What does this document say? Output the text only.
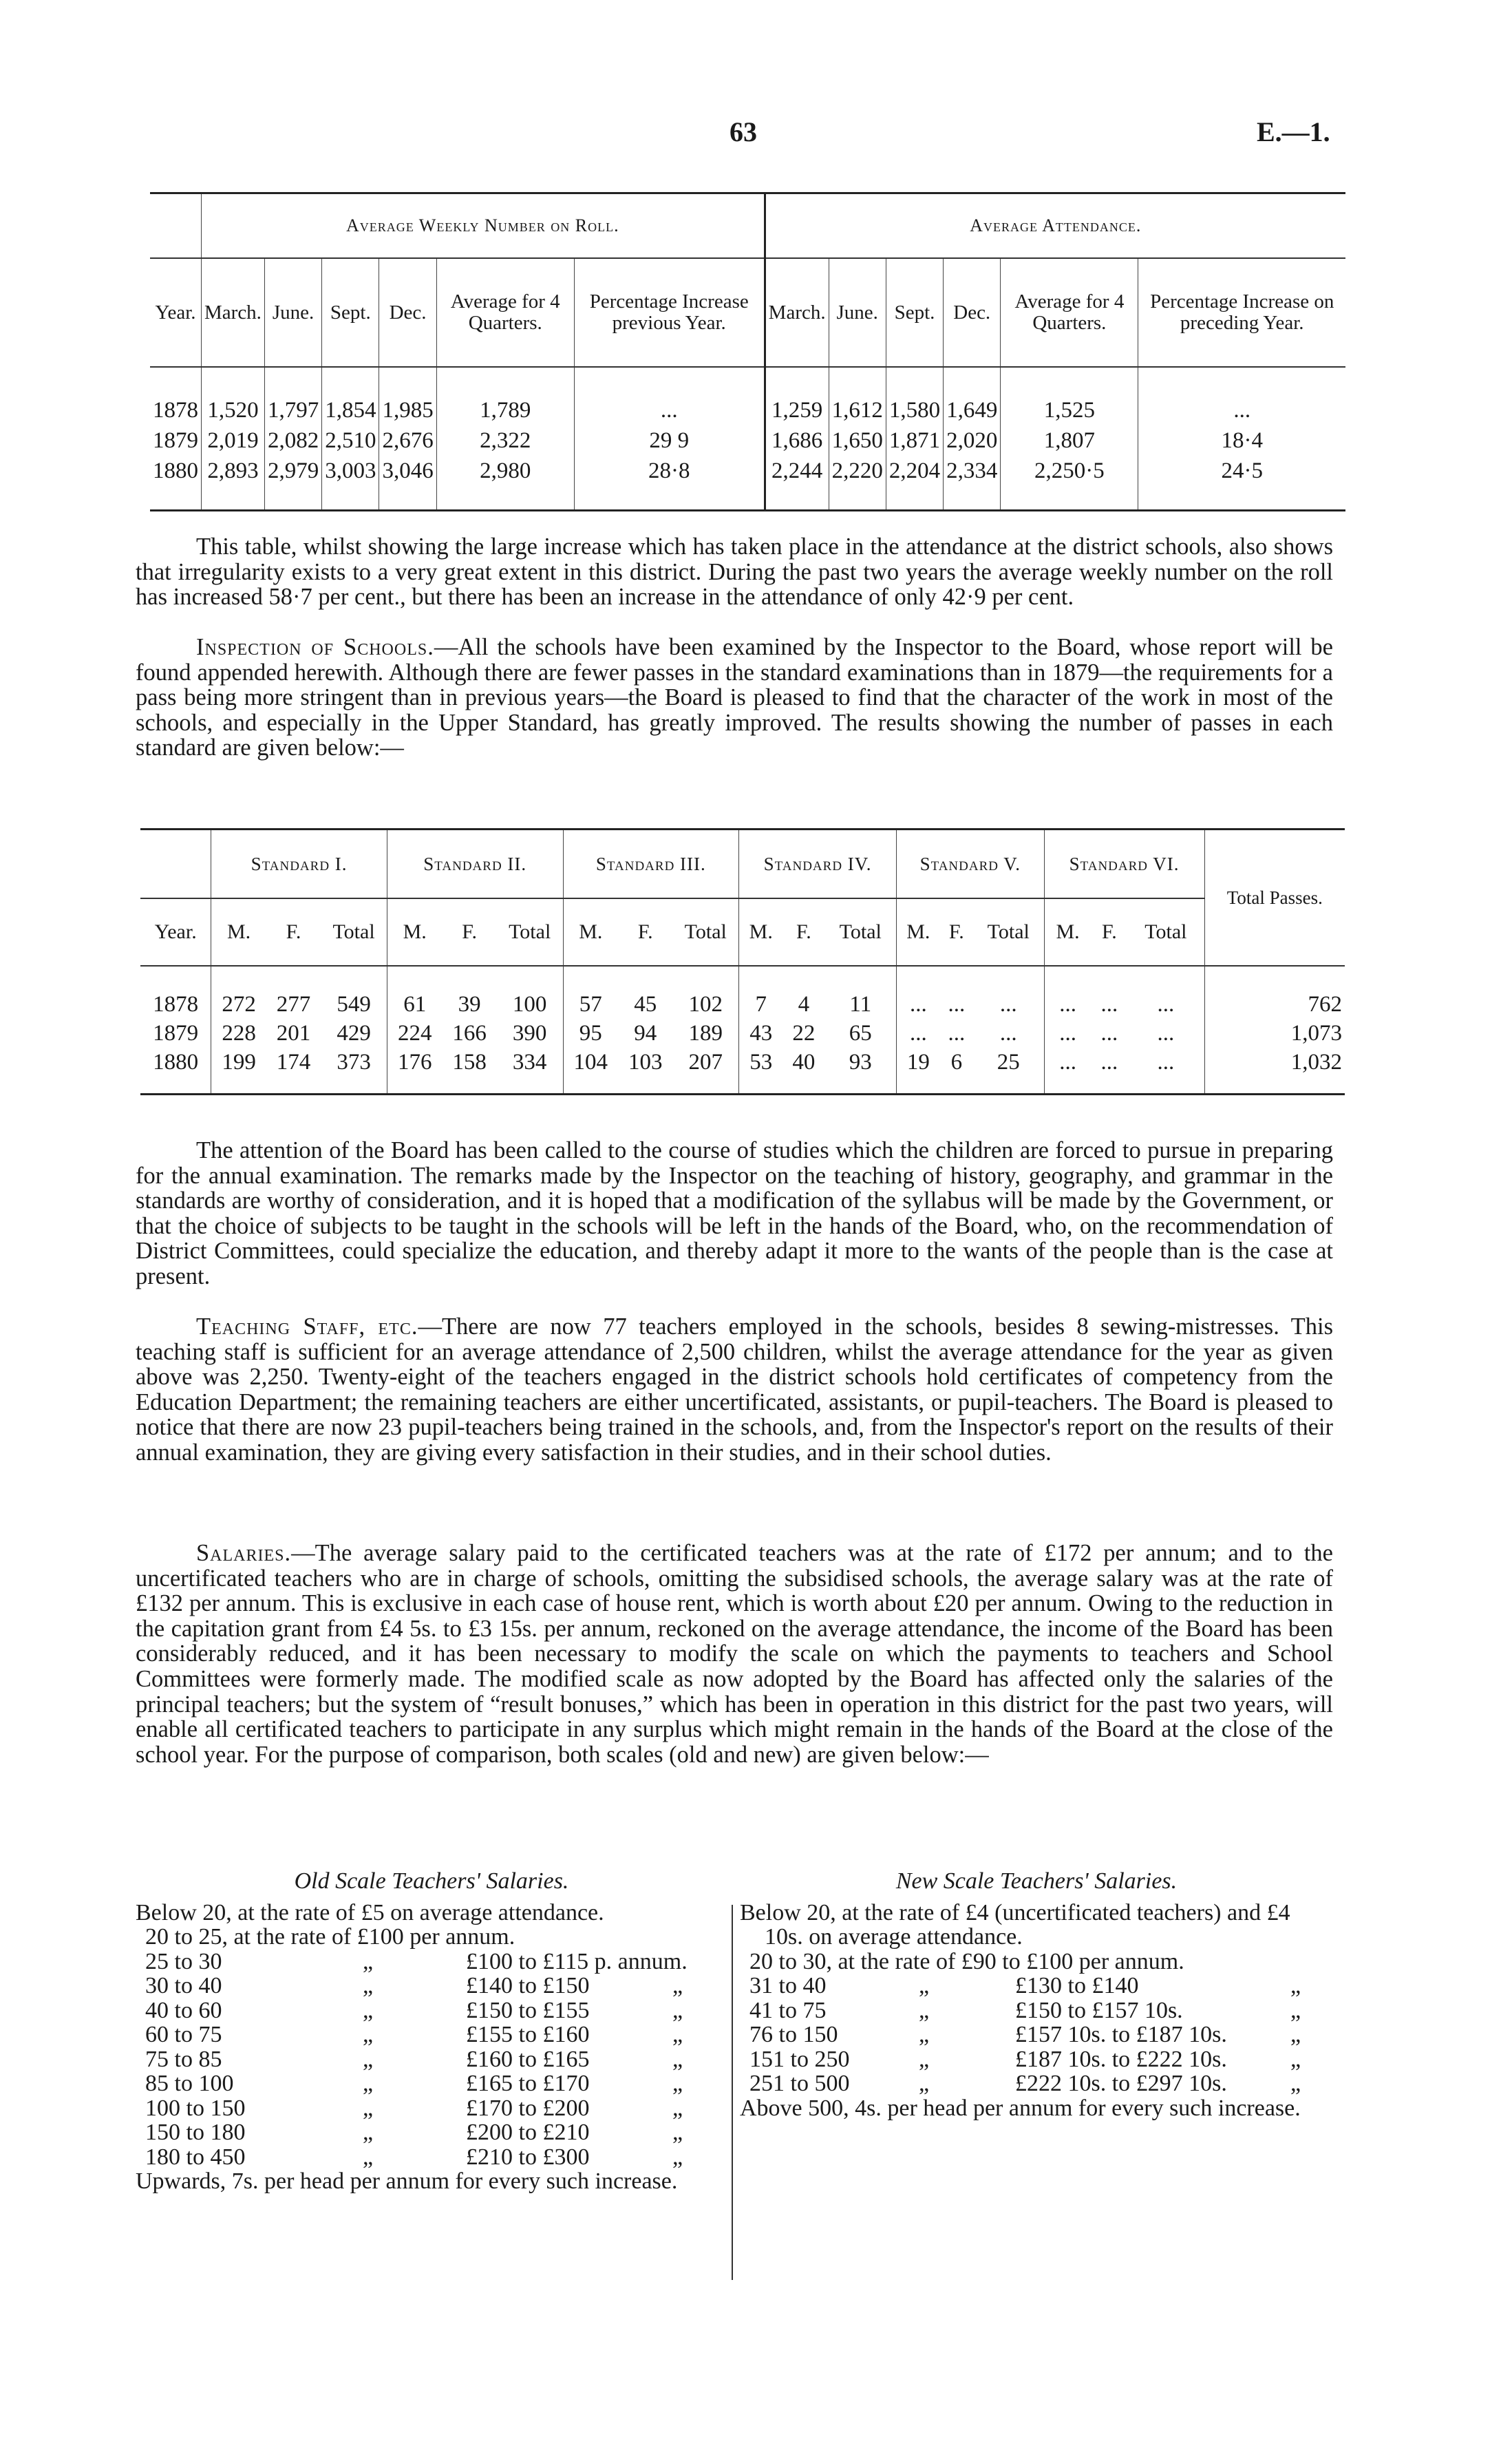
63	E.—1.
	Average Weekly Number on Roll.						Average Attendance.					
Year.	March.	June.	Sept.	Dec.	Average for 4 Quarters.	Percentage Increase previous Year.	March.	June.	Sept.	Dec.	Average for 4 Quarters.	Percentage Increase on preceding Year.

1878	1,520	1,797	1,854	1,985	1,789	...	1,259	1,612	1,580	1,649	1,525	...
1879	2,019	2,082	2,510	2,676	2,322	29 9	1,686	1,650	1,871	2,020	1,807	18·4
1880	2,893	2,979	3,003	3,046	2,980	28·8	2,244	2,220	2,204	2,334	2,250·5	24·5

This table, whilst showing the large increase which has taken place in the attendance at the district schools, also shows that irregularity exists to a very great extent in this district. During the past two years the average weekly number on the roll has increased 58·7 per cent., but there has been an increase in the attendance of only 42·9 per cent.

Inspection of Schools.—All the schools have been examined by the Inspector to the Board, whose report will be found appended herewith. Although there are fewer passes in the standard examinations than in 1879—the requirements for a pass being more stringent than in previous years—the Board is pleased to find that the character of the work in most of the schools, and especially in the Upper Standard, has greatly improved. The results showing the number of passes in each standard are given below:—

	Standard I.			Standard II.			Standard III.			Standard IV.			Standard V.			Standard VI.			Total Passes.
Year.	M.	F.	Total	M.	F.	Total	M.	F.	Total	M.	F.	Total	M.	F.	Total	M.	F.	Total	

1878	272	277	549	61	39	100	57	45	102	7	4	11	...	...	...	...	...	...	762
1879	228	201	429	224	166	390	95	94	189	43	22	65	...	...	...	...	...	...	1,073
1880	199	174	373	176	158	334	104	103	207	53	40	93	19	6	25	...	...	...	1,032

The attention of the Board has been called to the course of studies which the children are forced to pursue in preparing for the annual examination. The remarks made by the Inspector on the teaching of history, geography, and grammar in the standards are worthy of consideration, and it is hoped that a modification of the syllabus will be made by the Government, or that the choice of subjects to be taught in the schools will be left in the hands of the Board, who, on the recommendation of District Committees, could specialize the education, and thereby adapt it more to the wants of the people than is the case at present.

Teaching Staff, etc.—There are now 77 teachers employed in the schools, besides 8 sewing-mistresses. This teaching staff is sufficient for an average attendance of 2,500 children, whilst the average attendance for the year as given above was 2,250. Twenty-eight of the teachers engaged in the district schools hold certificates of competency from the Education Department; the remaining teachers are either uncertificated, assistants, or pupil-teachers. The Board is pleased to notice that there are now 23 pupil-teachers being trained in the schools, and, from the Inspector's report on the results of their annual examination, they are giving every satisfaction in their studies, and in their school duties.

Salaries.—The average salary paid to the certificated teachers was at the rate of £172 per annum; and to the uncertificated teachers who are in charge of schools, omitting the subsidised schools, the average salary was at the rate of £132 per annum. This is exclusive in each case of house rent, which is worth about £20 per annum. Owing to the reduction in the capitation grant from £4 5s. to £3 15s. per annum, reckoned on the average attendance, the income of the Board has been considerably reduced, and it has been necessary to modify the scale on which the payments to teachers and School Committees were formerly made. The modified scale as now adopted by the Board has affected only the salaries of the principal teachers; but the system of “result bonuses,” which has been in operation in this district for the past two years, will enable all certificated teachers to participate in any surplus which might remain in the hands of the Board at the close of the school year. For the purpose of comparison, both scales (old and new) are given below:—

Old Scale Teachers' Salaries.
Below 20, at the rate of £5 on average attendance.
20 to 25, at the rate of £100 per annum.
25 to 30	„	£100 to £115 p. annum.
30 to 40	„	£140 to £150	„
40 to 60	„	£150 to £155	„
60 to 75	„	£155 to £160	„
75 to 85	„	£160 to £165	„
85 to 100	„	£165 to £170	„
100 to 150	„	£170 to £200	„
150 to 180	„	£200 to £210	„
180 to 450	„	£210 to £300	„
Upwards, 7s. per head per annum for every such increase.
New Scale Teachers' Salaries.
Below 20, at the rate of £4 (uncertificated teachers) and £4 10s. on average attendance.
20 to 30, at the rate of £90 to £100 per annum.
31 to 40	„	£130 to £140	„
41 to 75	„	£150 to £157 10s.	„
76 to 150	„	£157 10s. to £187 10s.	„
151 to 250	„	£187 10s. to £222 10s.	„
251 to 500	„	£222 10s. to £297 10s.	„
Above 500, 4s. per head per annum for every such increase.
